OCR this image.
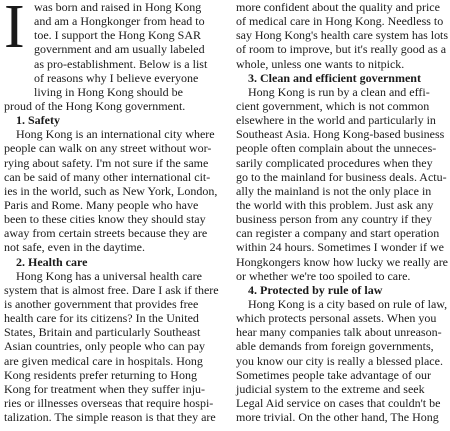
I was born and raised in Hong Kong
and am a Hongkonger from head to
toe. I support the Hong Kong SAR
government and am usually labeled
as pro-establishment. Below is a list
of reasons why I believe everyone
living in Hong Kong should be
proud of the Hong Kong government.
1. Safety
Hong Kong is an international city where
people can walk on any street without wor-
rying about safety. I'm not sure if the same
can be said of many other international cit-
ies in the world, such as New York, London,
Paris and Rome. Many people who have
been to these cities know they should stay
away from certain streets because they are
not safe, even in the daytime.
2. Health care
Hong Kong has a universal health care
system that is almost free. Dare I ask if there
is another government that provides free
health care for its citizens? In the United
States, Britain and particularly Southeast
Asian countries, only people who can pay
are given medical care in hospitals. Hong
Kong residents prefer returning to Hong
Kong for treatment when they suffer inju-
ries or illnesses overseas that require hospi-
talization. The simple reason is that they are
more confident about the quality and price
of medical care in Hong Kong. Needless to
say Hong Kong's health care system has lots
of room to improve, but it's really good as a
whole, unless one wants to nitpick.
3. Clean and efficient government
Hong Kong is run by a clean and effi-
cient government, which is not common
elsewhere in the world and particularly in
Southeast Asia. Hong Kong-based business
people often complain about the unneces-
sarily complicated procedures when they
go to the mainland for business deals. Actu-
ally the mainland is not the only place in
the world with this problem. Just ask any
business person from any country if they
can register a company and start operation
within 24 hours. Sometimes I wonder if we
Hongkongers know how lucky we really are
or whether we're too spoiled to care.
4. Protected by rule of law
Hong Kong is a city based on rule of law,
which protects personal assets. When you
hear many companies talk about unreason-
able demands from foreign governments,
you know our city is really a blessed place.
Sometimes people take advantage of our
judicial system to the extreme and seek
Legal Aid service on cases that couldn't be
more trivial. On the other hand, The Hong
